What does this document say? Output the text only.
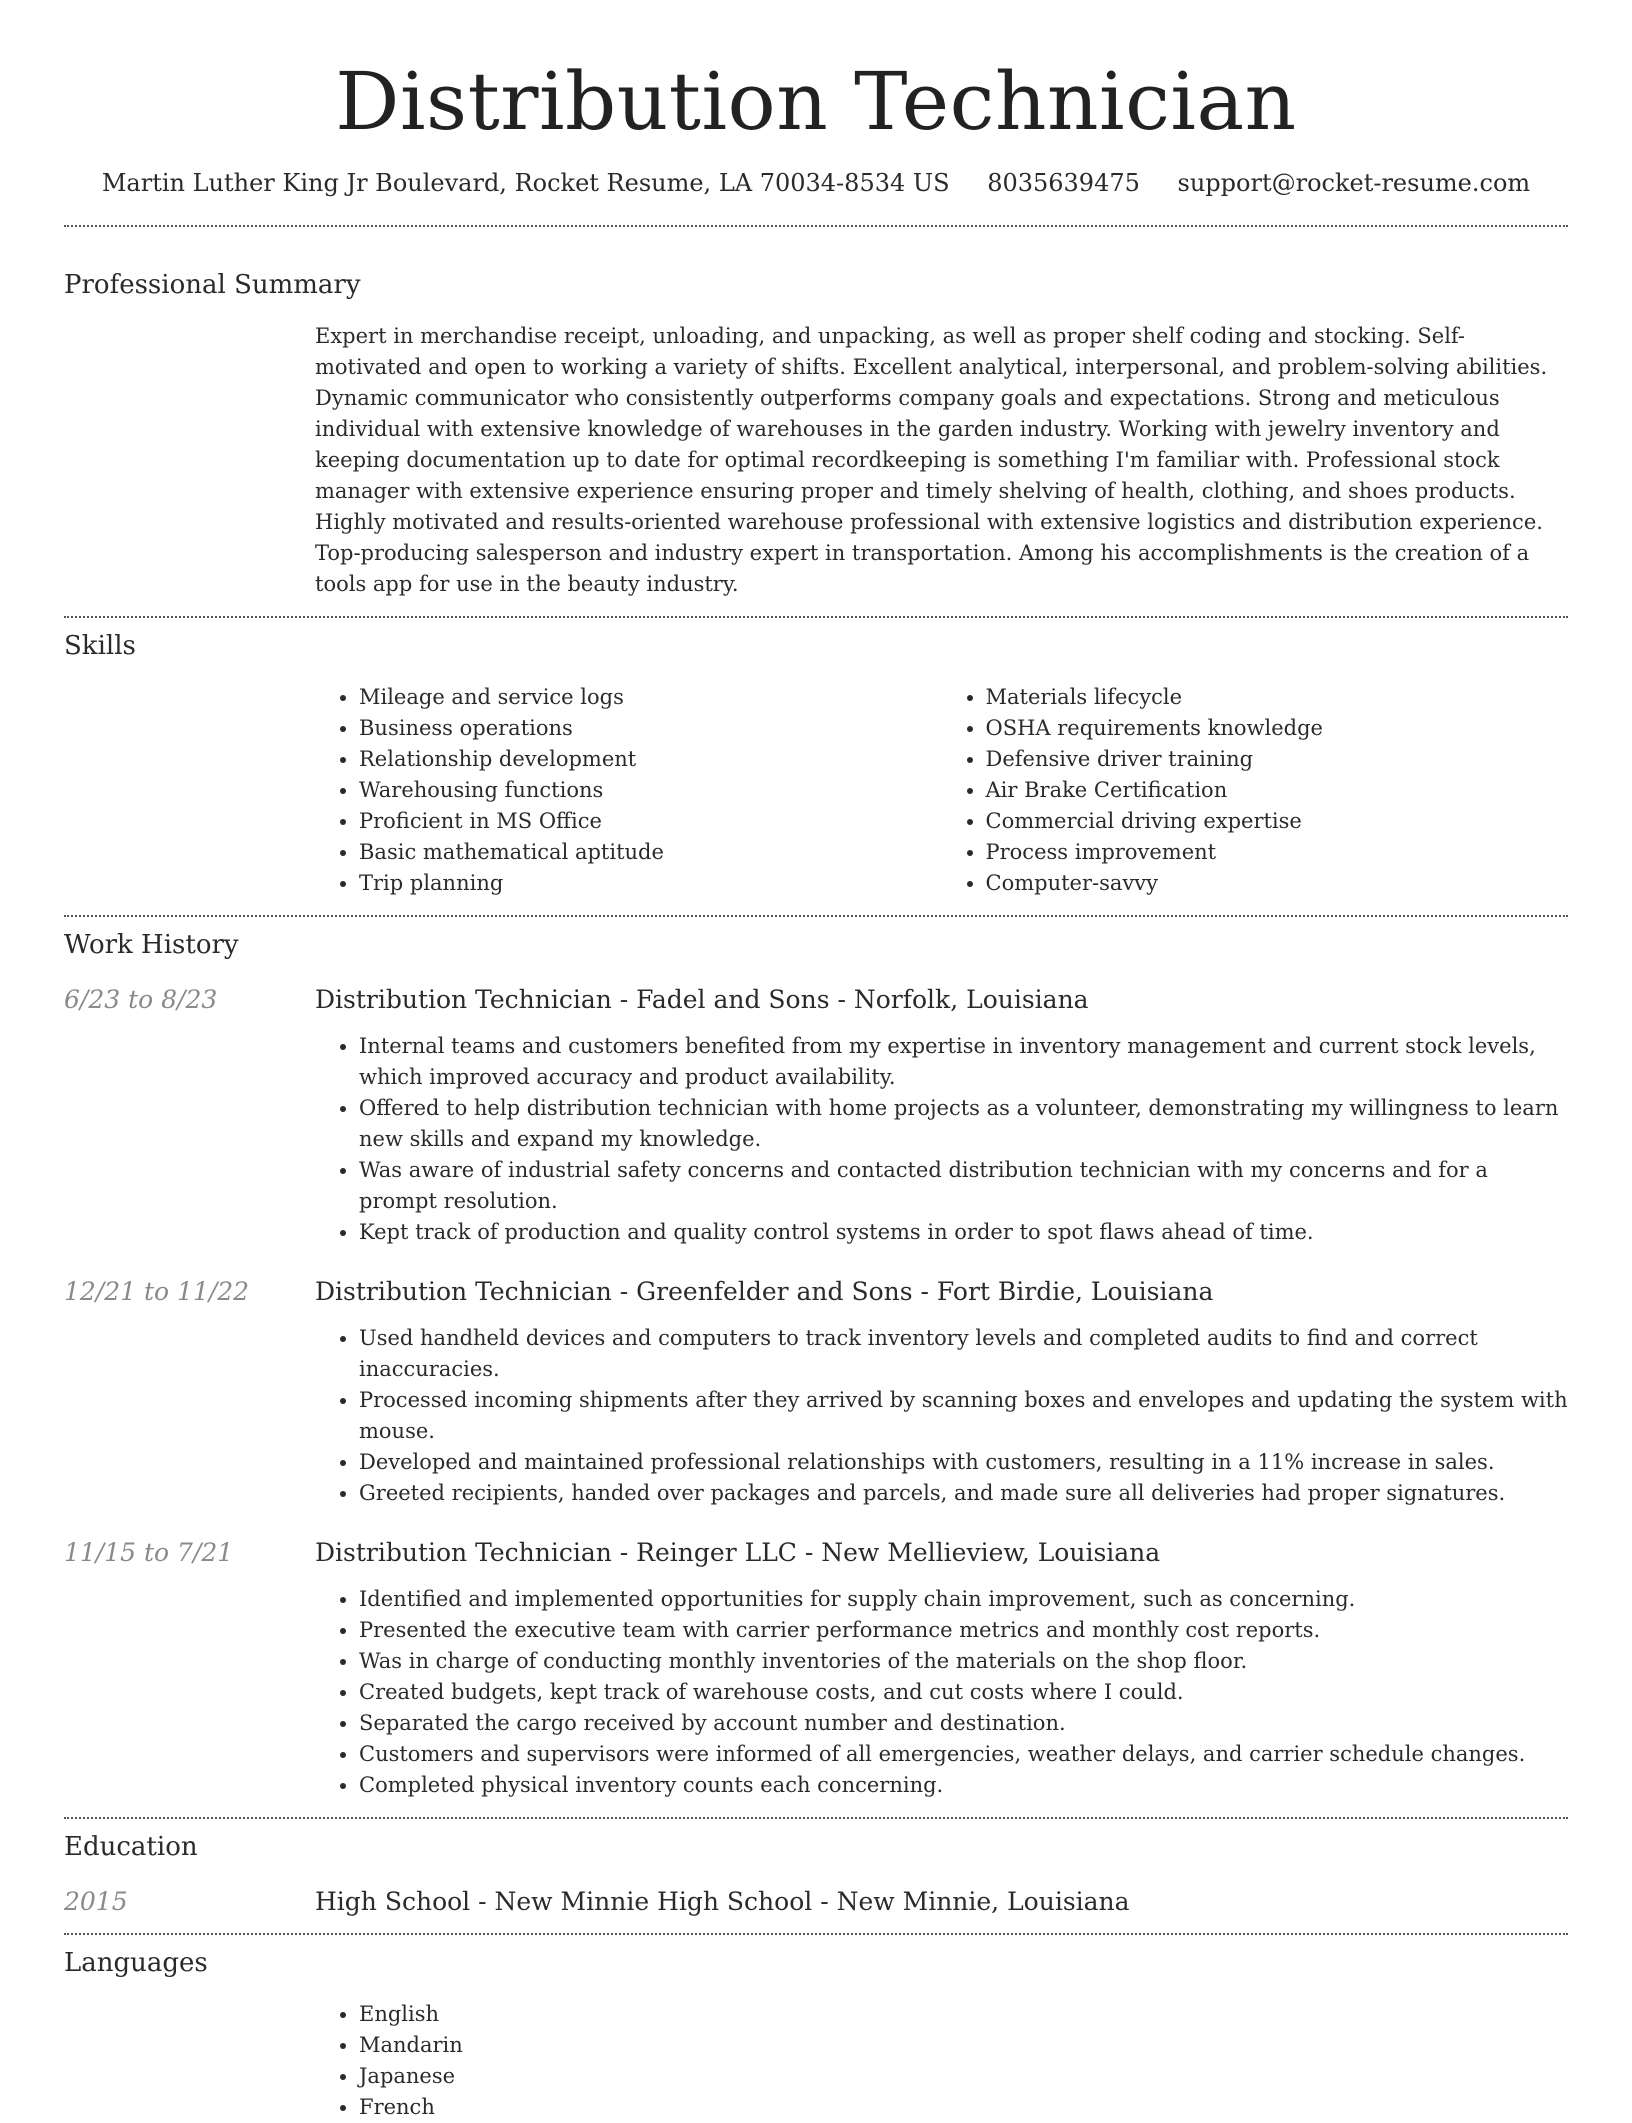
Distribution Technician
Martin Luther King Jr Boulevard, Rocket Resume, LA 70034-8534 US 8035639475 support@rocket-resume.com
Professional Summary
Expert in merchandise receipt, unloading, and unpacking, as well as proper shelf coding and stocking. Self-motivated and open to working a variety of shifts. Excellent analytical, interpersonal, and problem-solving abilities. Dynamic communicator who consistently outperforms company goals and expectations. Strong and meticulous individual with extensive knowledge of warehouses in the garden industry. Working with jewelry inventory and keeping documentation up to date for optimal recordkeeping is something I'm familiar with. Professional stock manager with extensive experience ensuring proper and timely shelving of health, clothing, and shoes products. Highly motivated and results-oriented warehouse professional with extensive logistics and distribution experience. Top-producing salesperson and industry expert in transportation. Among his accomplishments is the creation of a tools app for use in the beauty industry.
Skills
• Mileage and service logs
• Business operations
• Relationship development
• Warehousing functions
• Proficient in MS Office
• Basic mathematical aptitude
• Trip planning
• Materials lifecycle
• OSHA requirements knowledge
• Defensive driver training
• Air Brake Certification
• Commercial driving expertise
• Process improvement
• Computer-savvy
Work History
6/23 to 8/23	Distribution Technician - Fadel and Sons - Norfolk, Louisiana
• Internal teams and customers benefited from my expertise in inventory management and current stock levels, which improved accuracy and product availability.
• Offered to help distribution technician with home projects as a volunteer, demonstrating my willingness to learn new skills and expand my knowledge.
• Was aware of industrial safety concerns and contacted distribution technician with my concerns and for a prompt resolution.
• Kept track of production and quality control systems in order to spot flaws ahead of time.
12/21 to 11/22	Distribution Technician - Greenfelder and Sons - Fort Birdie, Louisiana
• Used handheld devices and computers to track inventory levels and completed audits to find and correct inaccuracies.
• Processed incoming shipments after they arrived by scanning boxes and envelopes and updating the system with mouse.
• Developed and maintained professional relationships with customers, resulting in a 11% increase in sales.
• Greeted recipients, handed over packages and parcels, and made sure all deliveries had proper signatures.
11/15 to 7/21	Distribution Technician - Reinger LLC - New Mellieview, Louisiana
• Identified and implemented opportunities for supply chain improvement, such as concerning.
• Presented the executive team with carrier performance metrics and monthly cost reports.
• Was in charge of conducting monthly inventories of the materials on the shop floor.
• Created budgets, kept track of warehouse costs, and cut costs where I could.
• Separated the cargo received by account number and destination.
• Customers and supervisors were informed of all emergencies, weather delays, and carrier schedule changes.
• Completed physical inventory counts each concerning.
Education
2015	High School - New Minnie High School - New Minnie, Louisiana
Languages
• English
• Mandarin
• Japanese
• French
